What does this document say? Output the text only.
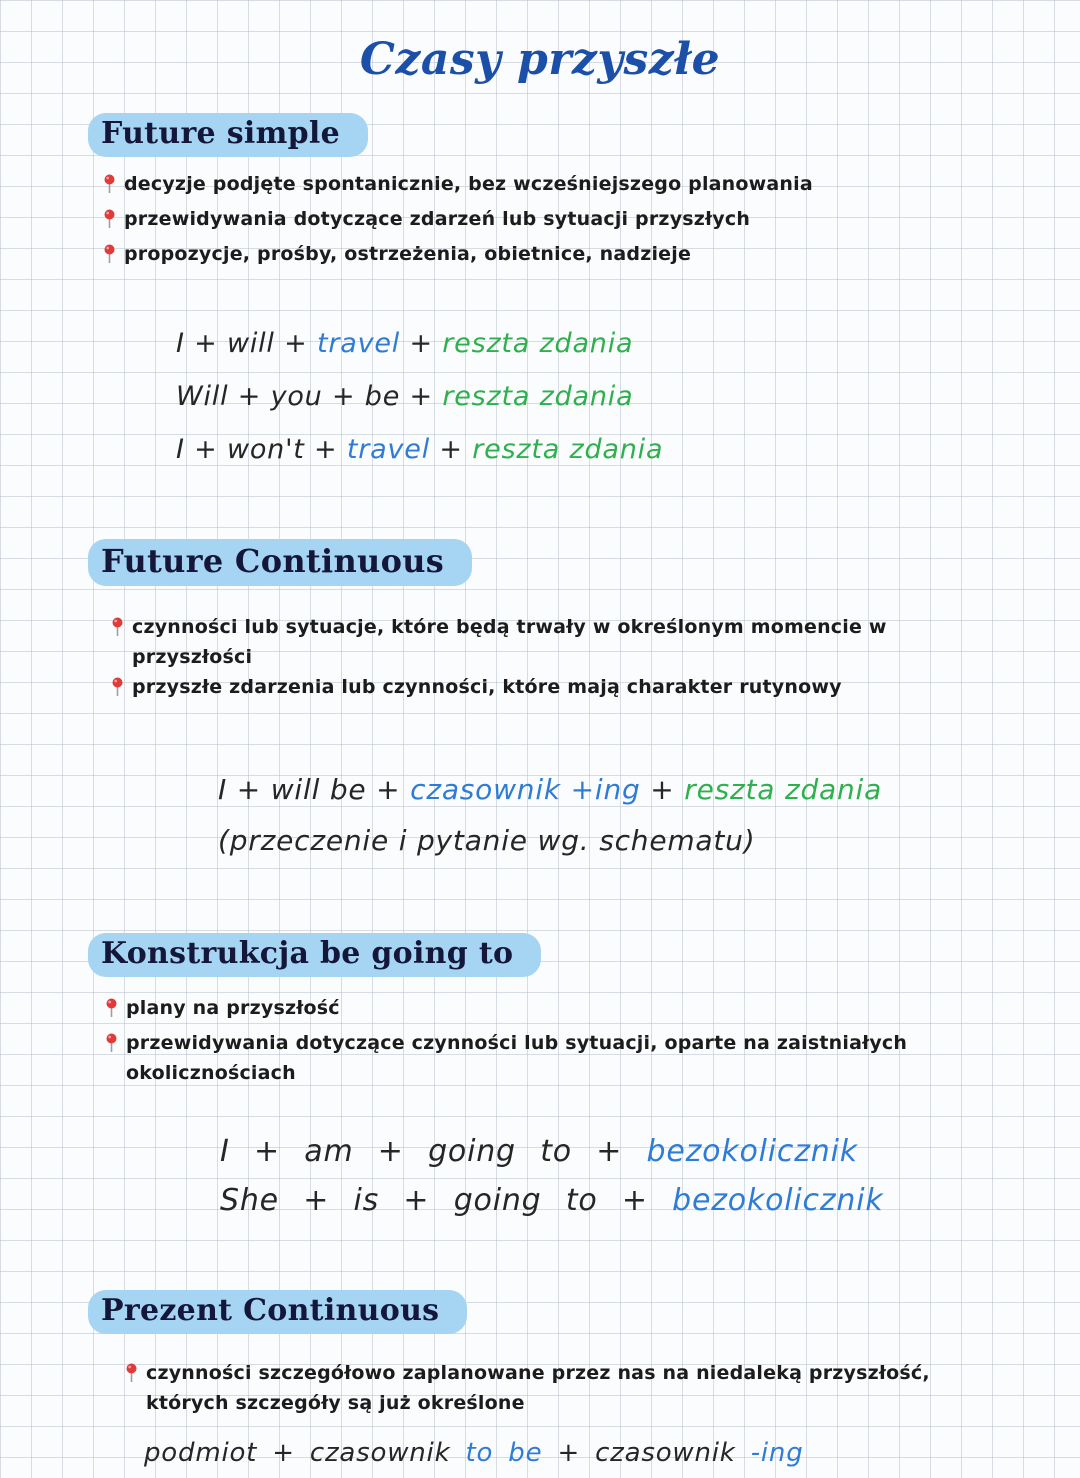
Czasy przyszłe
Future simple
decyzje podjęte spontanicznie, bez wcześniejszego planowania
przewidywania dotyczące zdarzeń lub sytuacji przyszłych
propozycje, prośby, ostrzeżenia, obietnice, nadzieje
I + will + travel + reszta zdania
Will + you + be + reszta zdania
I + won't + travel + reszta zdania
Future Continuous
czynności lub sytuacje, które będą trwały w określonym momencie w przyszłości
przyszłe zdarzenia lub czynności, które mają charakter rutynowy
I + will be + czasownik +ing + reszta zdania
(przeczenie i pytanie wg. schematu)
Konstrukcja be going to
plany na przyszłość
przewidywania dotyczące czynności lub sytuacji, oparte na zaistniałych okolicznościach
I + am + going to + bezokolicznik
She + is + going to + bezokolicznik
Prezent Continuous
czynności szczegółowo zaplanowane przez nas na niedaleką przyszłość, których szczegóły są już określone
podmiot + czasownik to be + czasownik -ing
